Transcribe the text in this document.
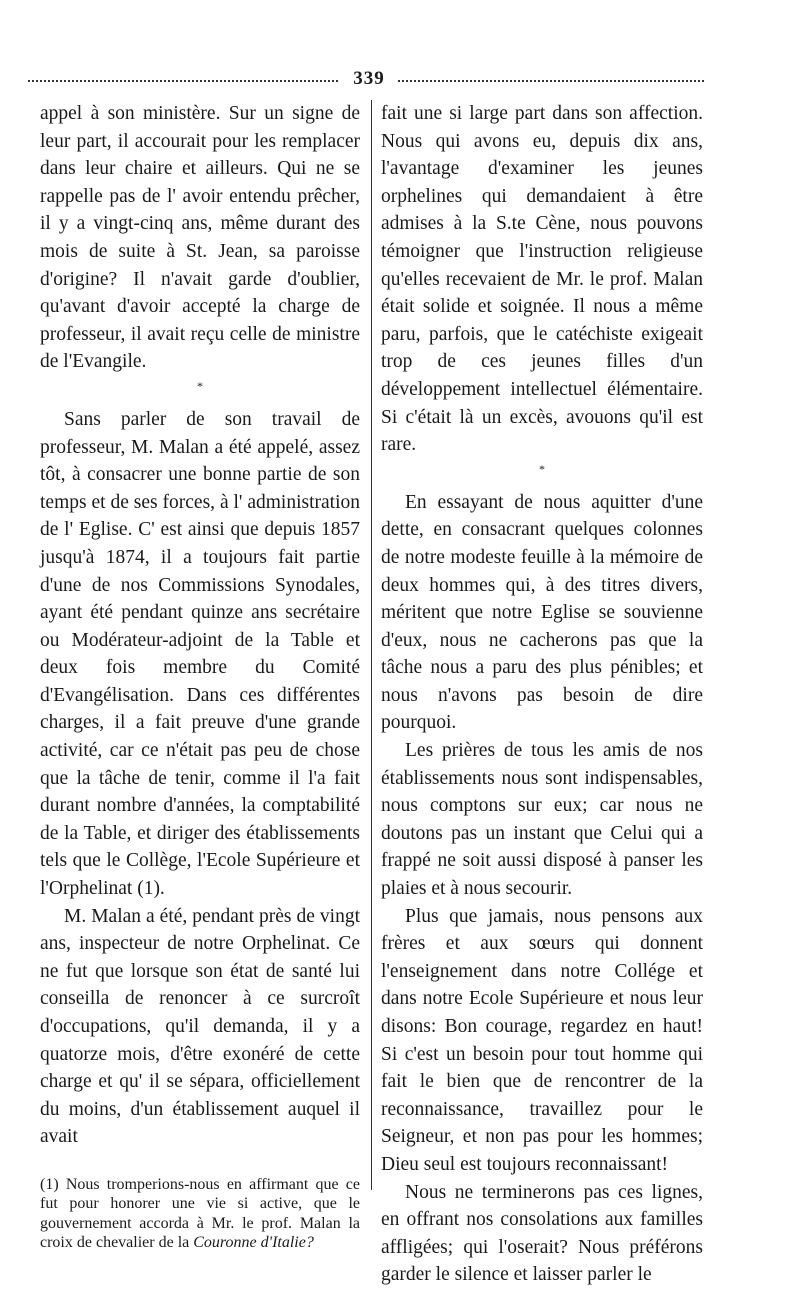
339

appel à son ministère. Sur un signe de leur part, il accourait pour les remplacer dans leur chaire et ailleurs. Qui ne se rappelle pas de l' avoir entendu prêcher, il y a vingt-cinq ans, même durant des mois de suite à St. Jean, sa paroisse d'origine? Il n'avait garde d'oublier, qu'avant d'avoir accepté la charge de professeur, il avait reçu celle de ministre de l'Evangile.

*

Sans parler de son travail de professeur, M. Malan a été appelé, assez tôt, à consacrer une bonne partie de son temps et de ses forces, à l' administration de l' Eglise. C' est ainsi que depuis 1857 jusqu'à 1874, il a toujours fait partie d'une de nos Commissions Synodales, ayant été pendant quinze ans secrétaire ou Modérateur-adjoint de la Table et deux fois membre du Comité d'Evangélisation. Dans ces différentes charges, il a fait preuve d'une grande activité, car ce n'était pas peu de chose que la tâche de tenir, comme il l'a fait durant nombre d'années, la comptabilité de la Table, et diriger des établissements tels que le Collège, l'Ecole Supérieure et l'Orphelinat (1).

M. Malan a été, pendant près de vingt ans, inspecteur de notre Orphelinat. Ce ne fut que lorsque son état de santé lui conseilla de renoncer à ce surcroît d'occupations, qu'il demanda, il y a quatorze mois, d'être exonéré de cette charge et qu' il se sépara, officiellement du moins, d'un établissement auquel il avait

(1) Nous tromperions-nous en affirmant que ce fut pour honorer une vie si active, que le gouvernement accorda à Mr. le prof. Malan la croix de chevalier de la Couronne d'Italie?

fait une si large part dans son affection. Nous qui avons eu, depuis dix ans, l'avantage d'examiner les jeunes orphelines qui demandaient à être admises à la S.te Cène, nous pouvons témoigner que l'instruction religieuse qu'elles recevaient de Mr. le prof. Malan était solide et soignée. Il nous a même paru, parfois, que le catéchiste exigeait trop de ces jeunes filles d'un développement intellectuel élémentaire. Si c'était là un excès, avouons qu'il est rare.

*

En essayant de nous aquitter d'une dette, en consacrant quelques colonnes de notre modeste feuille à la mémoire de deux hommes qui, à des titres divers, méritent que notre Eglise se souvienne d'eux, nous ne cacherons pas que la tâche nous a paru des plus pénibles; et nous n'avons pas besoin de dire pourquoi.

Les prières de tous les amis de nos établissements nous sont indispensables, nous comptons sur eux; car nous ne doutons pas un instant que Celui qui a frappé ne soit aussi disposé à panser les plaies et à nous secourir.

Plus que jamais, nous pensons aux frères et aux sœurs qui donnent l'enseignement dans notre Collége et dans notre Ecole Supérieure et nous leur disons: Bon courage, regardez en haut! Si c'est un besoin pour tout homme qui fait le bien que de rencontrer de la reconnaissance, travaillez pour le Seigneur, et non pas pour les hommes; Dieu seul est toujours reconnaissant!

Nous ne terminerons pas ces lignes, en offrant nos consolations aux familles affligées; qui l'oserait? Nous préférons garder le silence et laisser parler le
